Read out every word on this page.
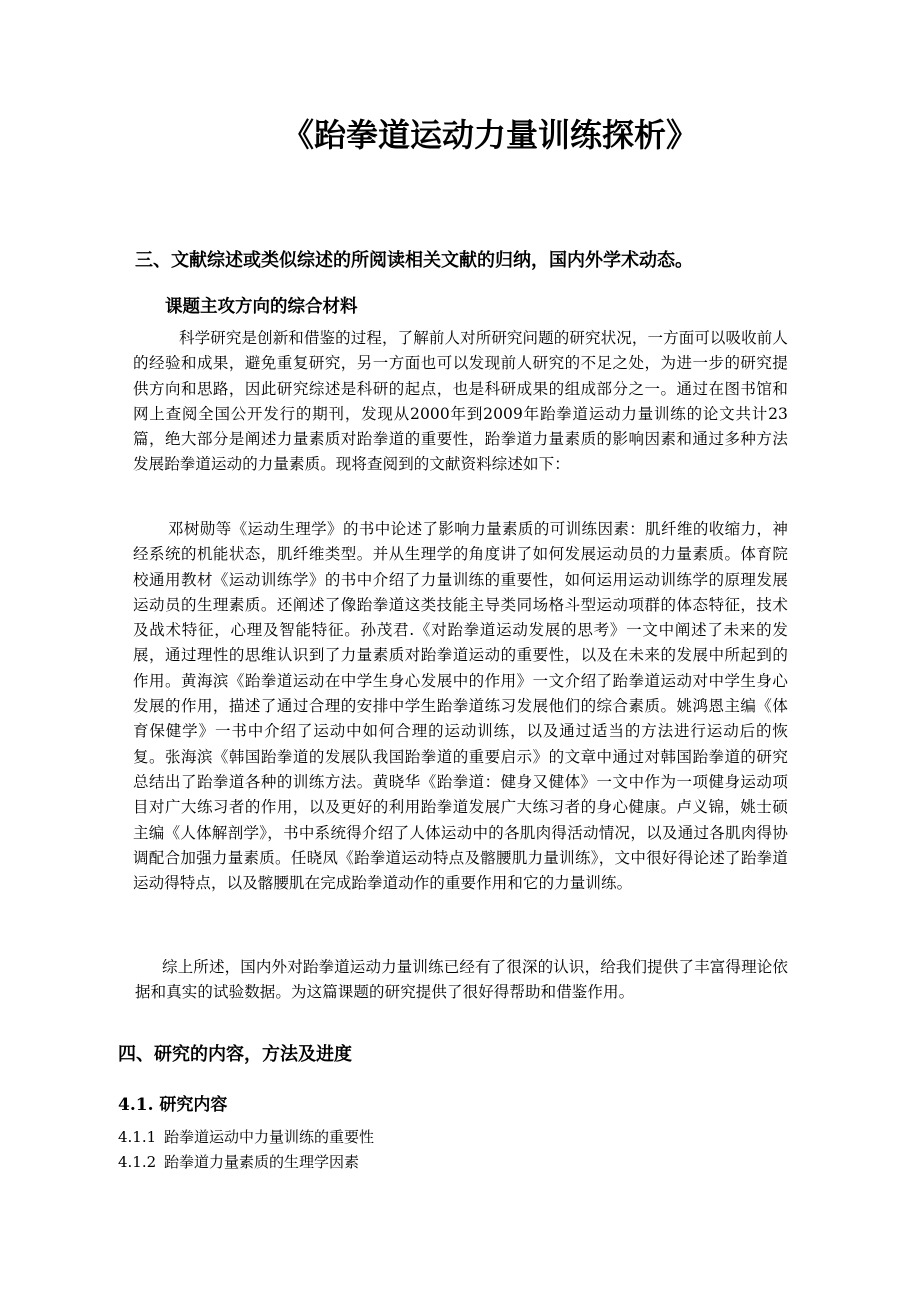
《跆拳道运动力量训练探析》
三、文献综述或类似综述的所阅读相关文献的归纳，国内外学术动态。
课题主攻方向的综合材料
科学研究是创新和借鉴的过程，了解前人对所研究问题的研究状况，一方面可以吸收前人的经验和成果，避免重复研究，另一方面也可以发现前人研究的不足之处，为进一步的研究提供方向和思路，因此研究综述是科研的起点，也是科研成果的组成部分之一。通过在图书馆和网上查阅全国公开发行的期刊，发现从2000年到2009年跆拳道运动力量训练的论文共计23篇，绝大部分是阐述力量素质对跆拳道的重要性，跆拳道力量素质的影响因素和通过多种方法发展跆拳道运动的力量素质。现将查阅到的文献资料综述如下：
邓树勋等《运动生理学》的书中论述了影响力量素质的可训练因素：肌纤维的收缩力，神经系统的机能状态，肌纤维类型。并从生理学的角度讲了如何发展运动员的力量素质。体育院校通用教材《运动训练学》的书中介绍了力量训练的重要性，如何运用运动训练学的原理发展运动员的生理素质。还阐述了像跆拳道这类技能主导类同场格斗型运动项群的体态特征，技术及战术特征，心理及智能特征。孙茂君.《对跆拳道运动发展的思考》一文中阐述了未来的发展，通过理性的思维认识到了力量素质对跆拳道运动的重要性，以及在未来的发展中所起到的作用。黄海滨《跆拳道运动在中学生身心发展中的作用》一文介绍了跆拳道运动对中学生身心发展的作用，描述了通过合理的安排中学生跆拳道练习发展他们的综合素质。姚鸿恩主编《体育保健学》一书中介绍了运动中如何合理的运动训练，以及通过适当的方法进行运动后的恢复。张海滨《韩国跆拳道的发展队我国跆拳道的重要启示》的文章中通过对韩国跆拳道的研究总结出了跆拳道各种的训练方法。黄晓华《跆拳道：健身又健体》一文中作为一项健身运动项目对广大练习者的作用，以及更好的利用跆拳道发展广大练习者的身心健康。卢义锦，姚士硕主编《人体解剖学》，书中系统得介绍了人体运动中的各肌肉得活动情况，以及通过各肌肉得协调配合加强力量素质。任晓凤《跆拳道运动特点及髂腰肌力量训练》，文中很好得论述了跆拳道运动得特点，以及髂腰肌在完成跆拳道动作的重要作用和它的力量训练。
综上所述，国内外对跆拳道运动力量训练已经有了很深的认识，给我们提供了丰富得理论依据和真实的试验数据。为这篇课题的研究提供了很好得帮助和借鉴作用。
四、研究的内容，方法及进度
4.1. 研究内容
4.1.1 跆拳道运动中力量训练的重要性
4.1.2 跆拳道力量素质的生理学因素
